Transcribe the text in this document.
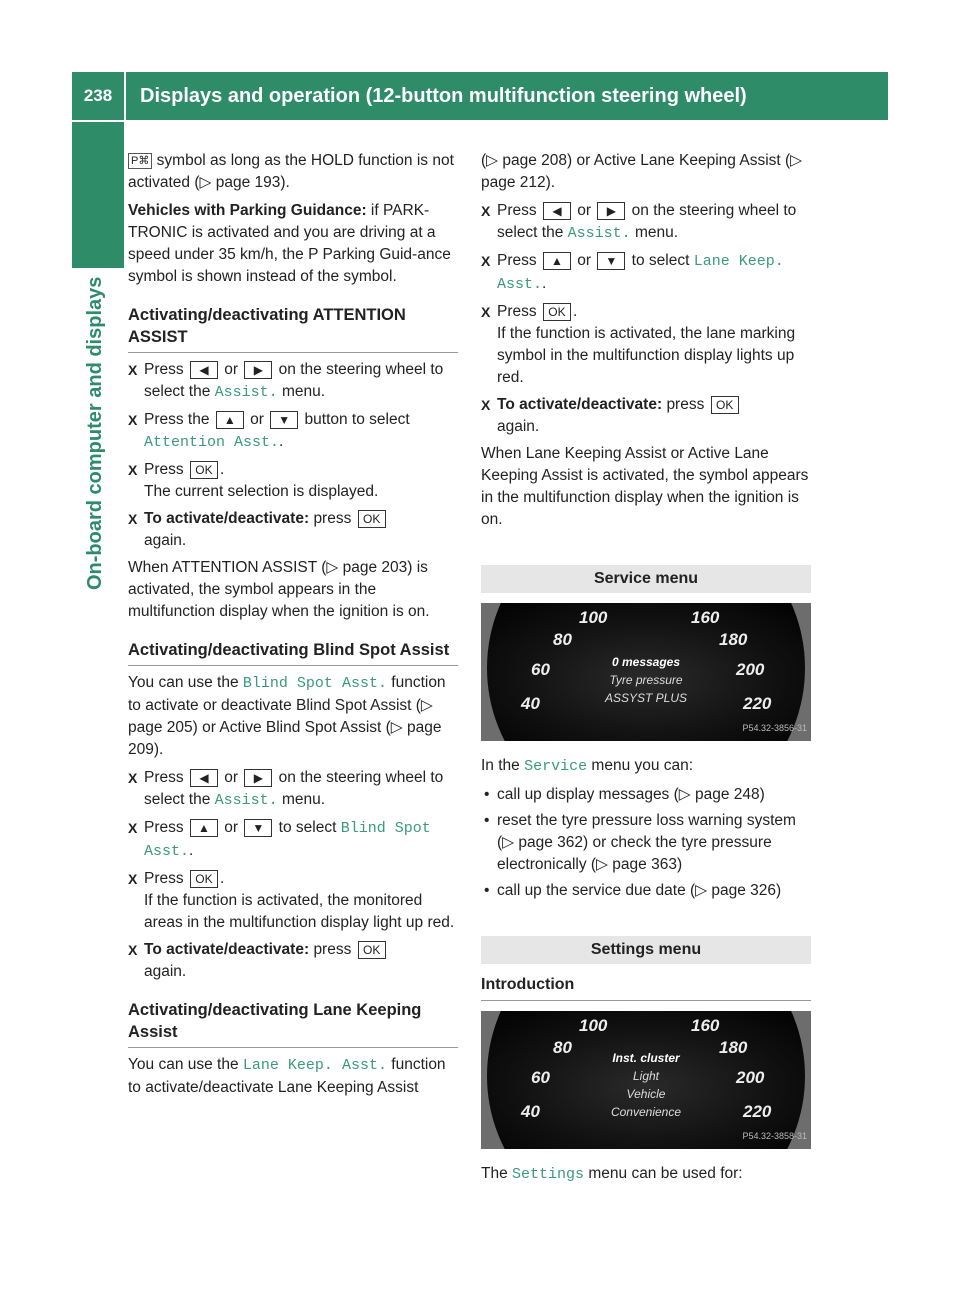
238	Displays and operation (12-button multifunction steering wheel)
On-board computer and displays

P⌘ symbol as long as the HOLD function is not activated (▷ page 193).

Vehicles with Parking Guidance: if PARK-TRONIC is activated and you are driving at a speed under 35 km/h, the P Parking Guid-ance symbol is shown instead of the symbol.

Activating/deactivating ATTENTION ASSIST
X Press ◀ or ▶ on the steering wheel to select the Assist. menu.
X Press the ▲ or ▼ button to select Attention Asst..
X Press OK .
The current selection is displayed.
X To activate/deactivate: press OK
again.

When ATTENTION ASSIST (▷ page 203) is activated, the symbol appears in the multifunction display when the ignition is on.

Activating/deactivating Blind Spot Assist

You can use the Blind Spot Asst. function to activate or deactivate Blind Spot Assist (▷ page 205) or Active Blind Spot Assist (▷ page 209).

X Press ◀ or ▶ on the steering wheel to select the Assist. menu.
X Press ▲ or ▼ to select Blind Spot Asst..
X Press OK .
If the function is activated, the monitored areas in the multifunction display light up red.
X To activate/deactivate: press OK
again.
Activating/deactivating Lane Keeping Assist

You can use the Lane Keep. Asst. function to activate/deactivate Lane Keeping Assist

(▷ page 208) or Active Lane Keeping Assist (▷ page 212).

X Press ◀ or ▶ on the steering wheel to select the Assist. menu.
X Press ▲ or ▼ to select Lane Keep. Asst..
X Press OK .
If the function is activated, the lane marking symbol in the multifunction display lights up red.
X To activate/deactivate: press OK
again.

When Lane Keeping Assist or Active Lane Keeping Assist is activated, the symbol appears in the multifunction display when the ignition is on.

Service menu
100
80
60
40
160
180
200
220
0 messages
Tyre pressure
ASSYST PLUS
P54.32-3856-31

In the Service menu you can:

• call up display messages (▷ page 248)
• reset the tyre pressure loss warning system (▷ page 362) or check the tyre pressure electronically (▷ page 363)
• call up the service due date (▷ page 326)
Settings menu
Introduction
100
80
60
40
160
180
200
220
Inst. cluster
Light
Vehicle
Convenience
P54.32-3858-31

The Settings menu can be used for:
